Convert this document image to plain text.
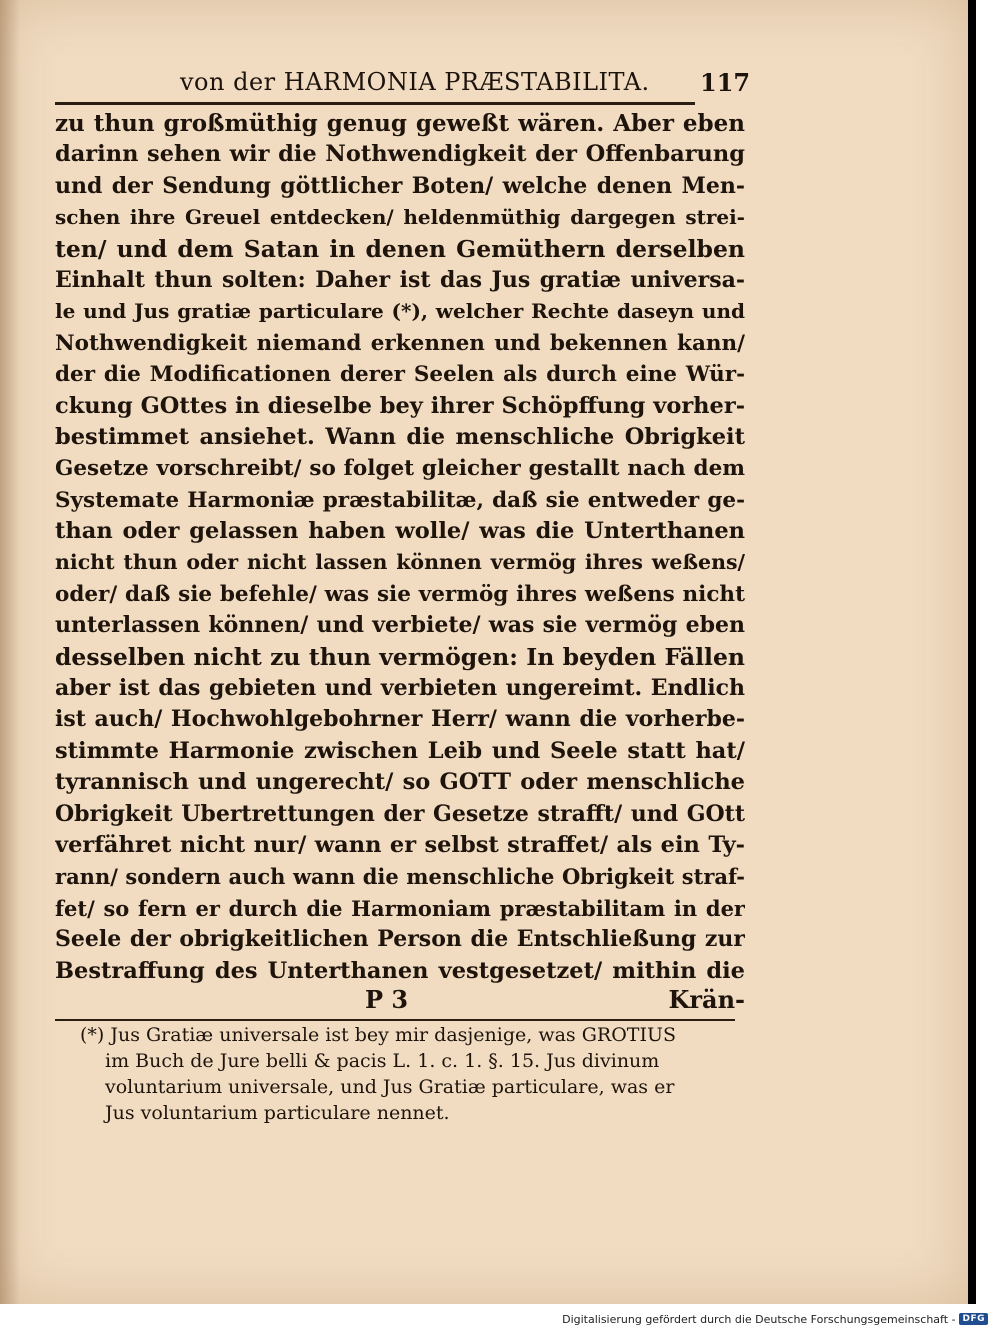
von der HARMONIA PRÆSTABILITA. 117
zu thun großmüthig genug geweßt wären. Aber eben
darinn sehen wir die Nothwendigkeit der Offenbarung
und der Sendung göttlicher Boten/ welche denen Men-
schen ihre Greuel entdecken/ heldenmüthig dargegen strei-
ten/ und dem Satan in denen Gemüthern derselben
Einhalt thun solten: Daher ist das Jus gratiæ universa-
le und Jus gratiæ particulare (*), welcher Rechte daseyn und
Nothwendigkeit niemand erkennen und bekennen kann/
der die Modificationen derer Seelen als durch eine Wür-
ckung GOttes in dieselbe bey ihrer Schöpffung vorher-
bestimmet ansiehet. Wann die menschliche Obrigkeit
Gesetze vorschreibt/ so folget gleicher gestallt nach dem
Systemate Harmoniæ præstabilitæ, daß sie entweder ge-
than oder gelassen haben wolle/ was die Unterthanen
nicht thun oder nicht lassen können vermög ihres weßens/
oder/ daß sie befehle/ was sie vermög ihres weßens nicht
unterlassen können/ und verbiete/ was sie vermög eben
desselben nicht zu thun vermögen: In beyden Fällen
aber ist das gebieten und verbieten ungereimt. Endlich
ist auch/ Hochwohlgebohrner Herr/ wann die vorherbe-
stimmte Harmonie zwischen Leib und Seele statt hat/
tyrannisch und ungerecht/ so GOTT oder menschliche
Obrigkeit Ubertrettungen der Gesetze strafft/ und GOtt
verfähret nicht nur/ wann er selbst straffet/ als ein Ty-
rann/ sondern auch wann die menschliche Obrigkeit straf-
fet/ so fern er durch die Harmoniam præstabilitam in der
Seele der obrigkeitlichen Person die Entschließung zur
Bestraffung des Unterthanen vestgesetzet/ mithin die
P 3	Krän-
(*) Jus Gratiæ universale ist bey mir dasjenige, was GROTIUS
im Buch de Jure belli & pacis L. 1. c. 1. §. 15. Jus divinum
voluntarium universale, und Jus Gratiæ particulare, was er
Jus voluntarium particulare nennet.
Digitalisierung gefördert durch die Deutsche Forschungsgemeinschaft - DFG
